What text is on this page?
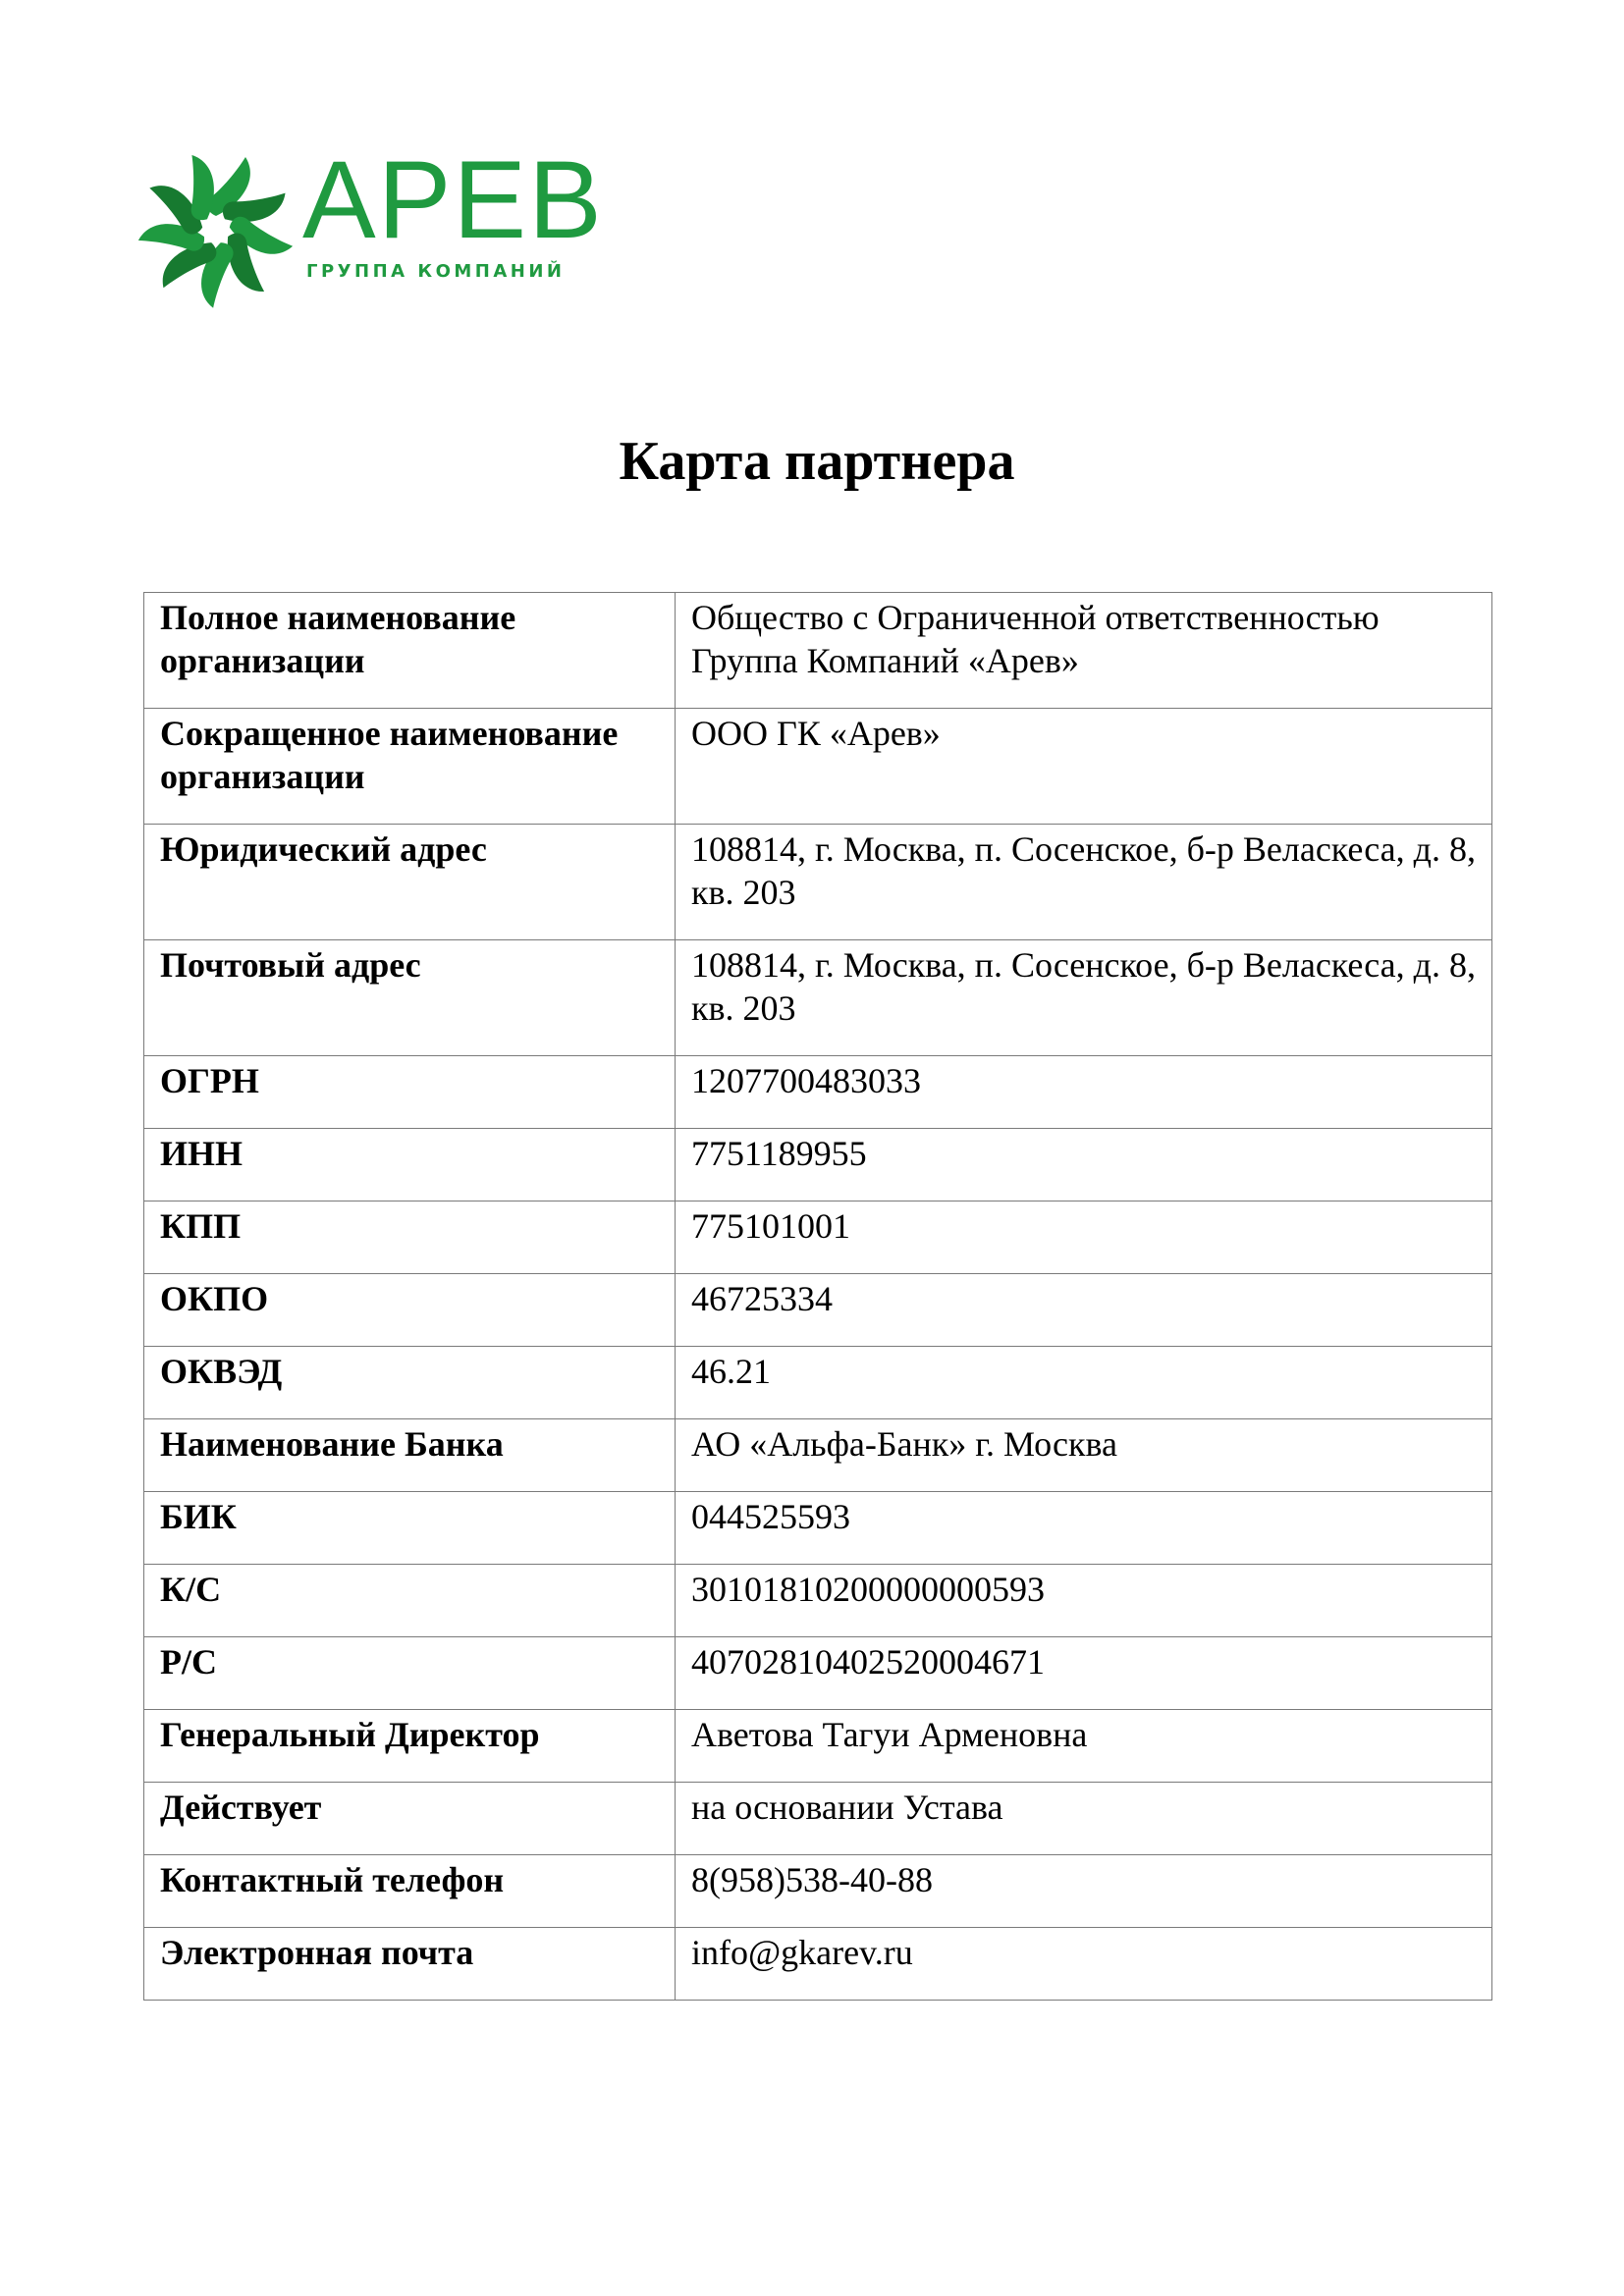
АРЕВ
ГРУППА КОМПАНИЙ
Карта партнера
Полное наименование организации	Общество с Ограниченной ответственностью Группа Компаний «Арев»
Сокращенное наименование организации	ООО ГК «Арев»
Юридический адрес	108814, г. Москва, п. Сосенское, б-р Веласкеса, д. 8, кв. 203
Почтовый адрес	108814, г. Москва, п. Сосенское, б-р Веласкеса, д. 8, кв. 203
ОГРН	1207700483033
ИНН	7751189955
КПП	775101001
ОКПО	46725334
ОКВЭД	46.21
Наименование Банка	АО «Альфа-Банк» г. Москва
БИК	044525593
К/С	30101810200000000593
Р/С	40702810402520004671
Генеральный Директор	Аветова Тагуи Арменовна
Действует	на основании Устава
Контактный телефон	8(958)538-40-88
Электронная почта	info@gkarev.ru
